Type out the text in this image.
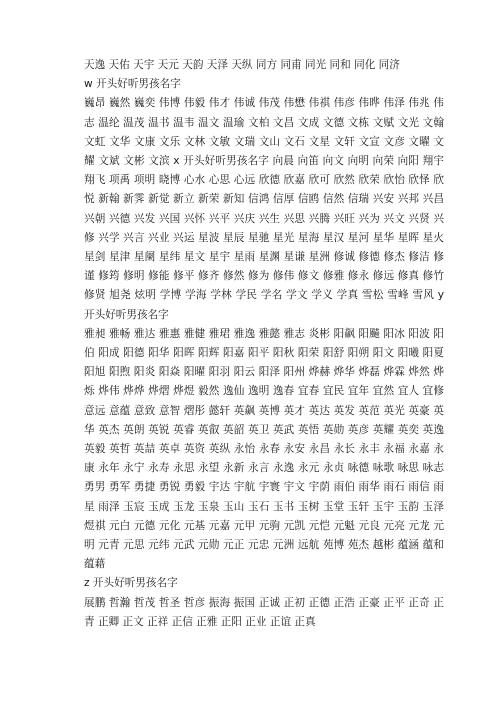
天逸 天佑 天宇 天元 天韵 天泽 天纵 同方 同甫 同光 同和 同化 同济

w 开头好听男孩名字

巍昂 巍然 巍奕 伟博 伟毅 伟才 伟诚 伟茂 伟懋 伟祺 伟彦 伟晔 伟泽 伟兆 伟志 温纶 温茂 温书 温韦 温文 温瑜 文柏 文昌 文成 文德 文栋 文赋 文光 文翰 文虹 文华 文康 文乐 文林 文敏 文瑞 文山 文石 文星 文轩 文宣 文彦 文曜 文耀 文斌 文彬 文滨 x 开头好听男孩名字 向晨 向笛 向文 向明 向荣 向阳 翔宇 翔飞 项禹 项明 晓博 心水 心思 心远 欣德 欣嘉 欣可 欣然 欣荣 欣怡 欣怿 欣悦 新翰 新霁 新觉 新立 新荣 新知 信鸿 信厚 信鸥 信然 信瑞 兴安 兴邦 兴昌 兴朝 兴德 兴发 兴国 兴怀 兴平 兴庆 兴生 兴思 兴腾 兴旺 兴为 兴文 兴贤 兴修 兴学 兴言 兴业 兴运 星波 星辰 星驰 星光 星海 星汉 星河 星华 星晖 星火 星剑 星津 星阑 星纬 星文 星宇 星雨 星渊 星谦 星洲 修诚 修德 修杰 修洁 修谨 修筠 修明 修能 修平 修齐 修然 修为 修伟 修文 修雅 修永 修远 修真 修竹 修贤 旭尧 炫明 学博 学海 学林 学民 学名 学文 学义 学真 雪松 雪峰 雪风 y 开头好听男孩名字

雅昶 雅畅 雅达 雅惠 雅健 雅珺 雅逸 雅懿 雅志 炎彬 阳飙 阳飇 阳冰 阳波 阳伯 阳成 阳德 阳华 阳晖 阳辉 阳嘉 阳平 阳秋 阳荣 阳舒 阳朔 阳文 阳曦 阳夏 阳旭 阳煦 阳炎 阳焱 阳曜 阳羽 阳云 阳泽 阳州 烨赫 烨华 烨磊 烨霖 烨然 烨烁 烨伟 烨烨 烨熠 烨煜 毅然 逸仙 逸明 逸春 宜春 宜民 宜年 宜然 宜人 宜修 意远 意蕴 意致 意智 熠彤 懿轩 英飙 英博 英才 英达 英发 英范 英光 英豪 英华 英杰 英朗 英锐 英睿 英叡 英韶 英卫 英武 英悟 英勋 英彦 英耀 英奕 英逸 英毅 英哲 英喆 英卓 英资 英纵 永怡 永春 永安 永昌 永长 永丰 永福 永嘉 永康 永年 永宁 永寿 永思 永望 永新 永言 永逸 永元 永贞 咏德 咏歌 咏思 咏志 勇男 勇军 勇捷 勇锐 勇毅 宇达 宇航 宇寰 宇文 宇荫 雨伯 雨华 雨石 雨信 雨星 雨泽 玉宸 玉成 玉龙 玉泉 玉山 玉石 玉书 玉树 玉堂 玉轩 玉宇 玉韵 玉泽 煜祺 元白 元德 元化 元基 元嘉 元甲 元驹 元凯 元恺 元魁 元良 元亮 元龙 元明 元青 元思 元纬 元武 元勋 元正 元忠 元洲 远航 苑博 苑杰 越彬 蕴涵 蕴和 蕴藉

z 开头好听男孩名字

展鹏 哲瀚 哲茂 哲圣 哲彦 振海 振国 正诚 正初 正德 正浩 正豪 正平 正奇 正青 正卿 正文 正祥 正信 正雅 正阳 正业 正谊 正真
